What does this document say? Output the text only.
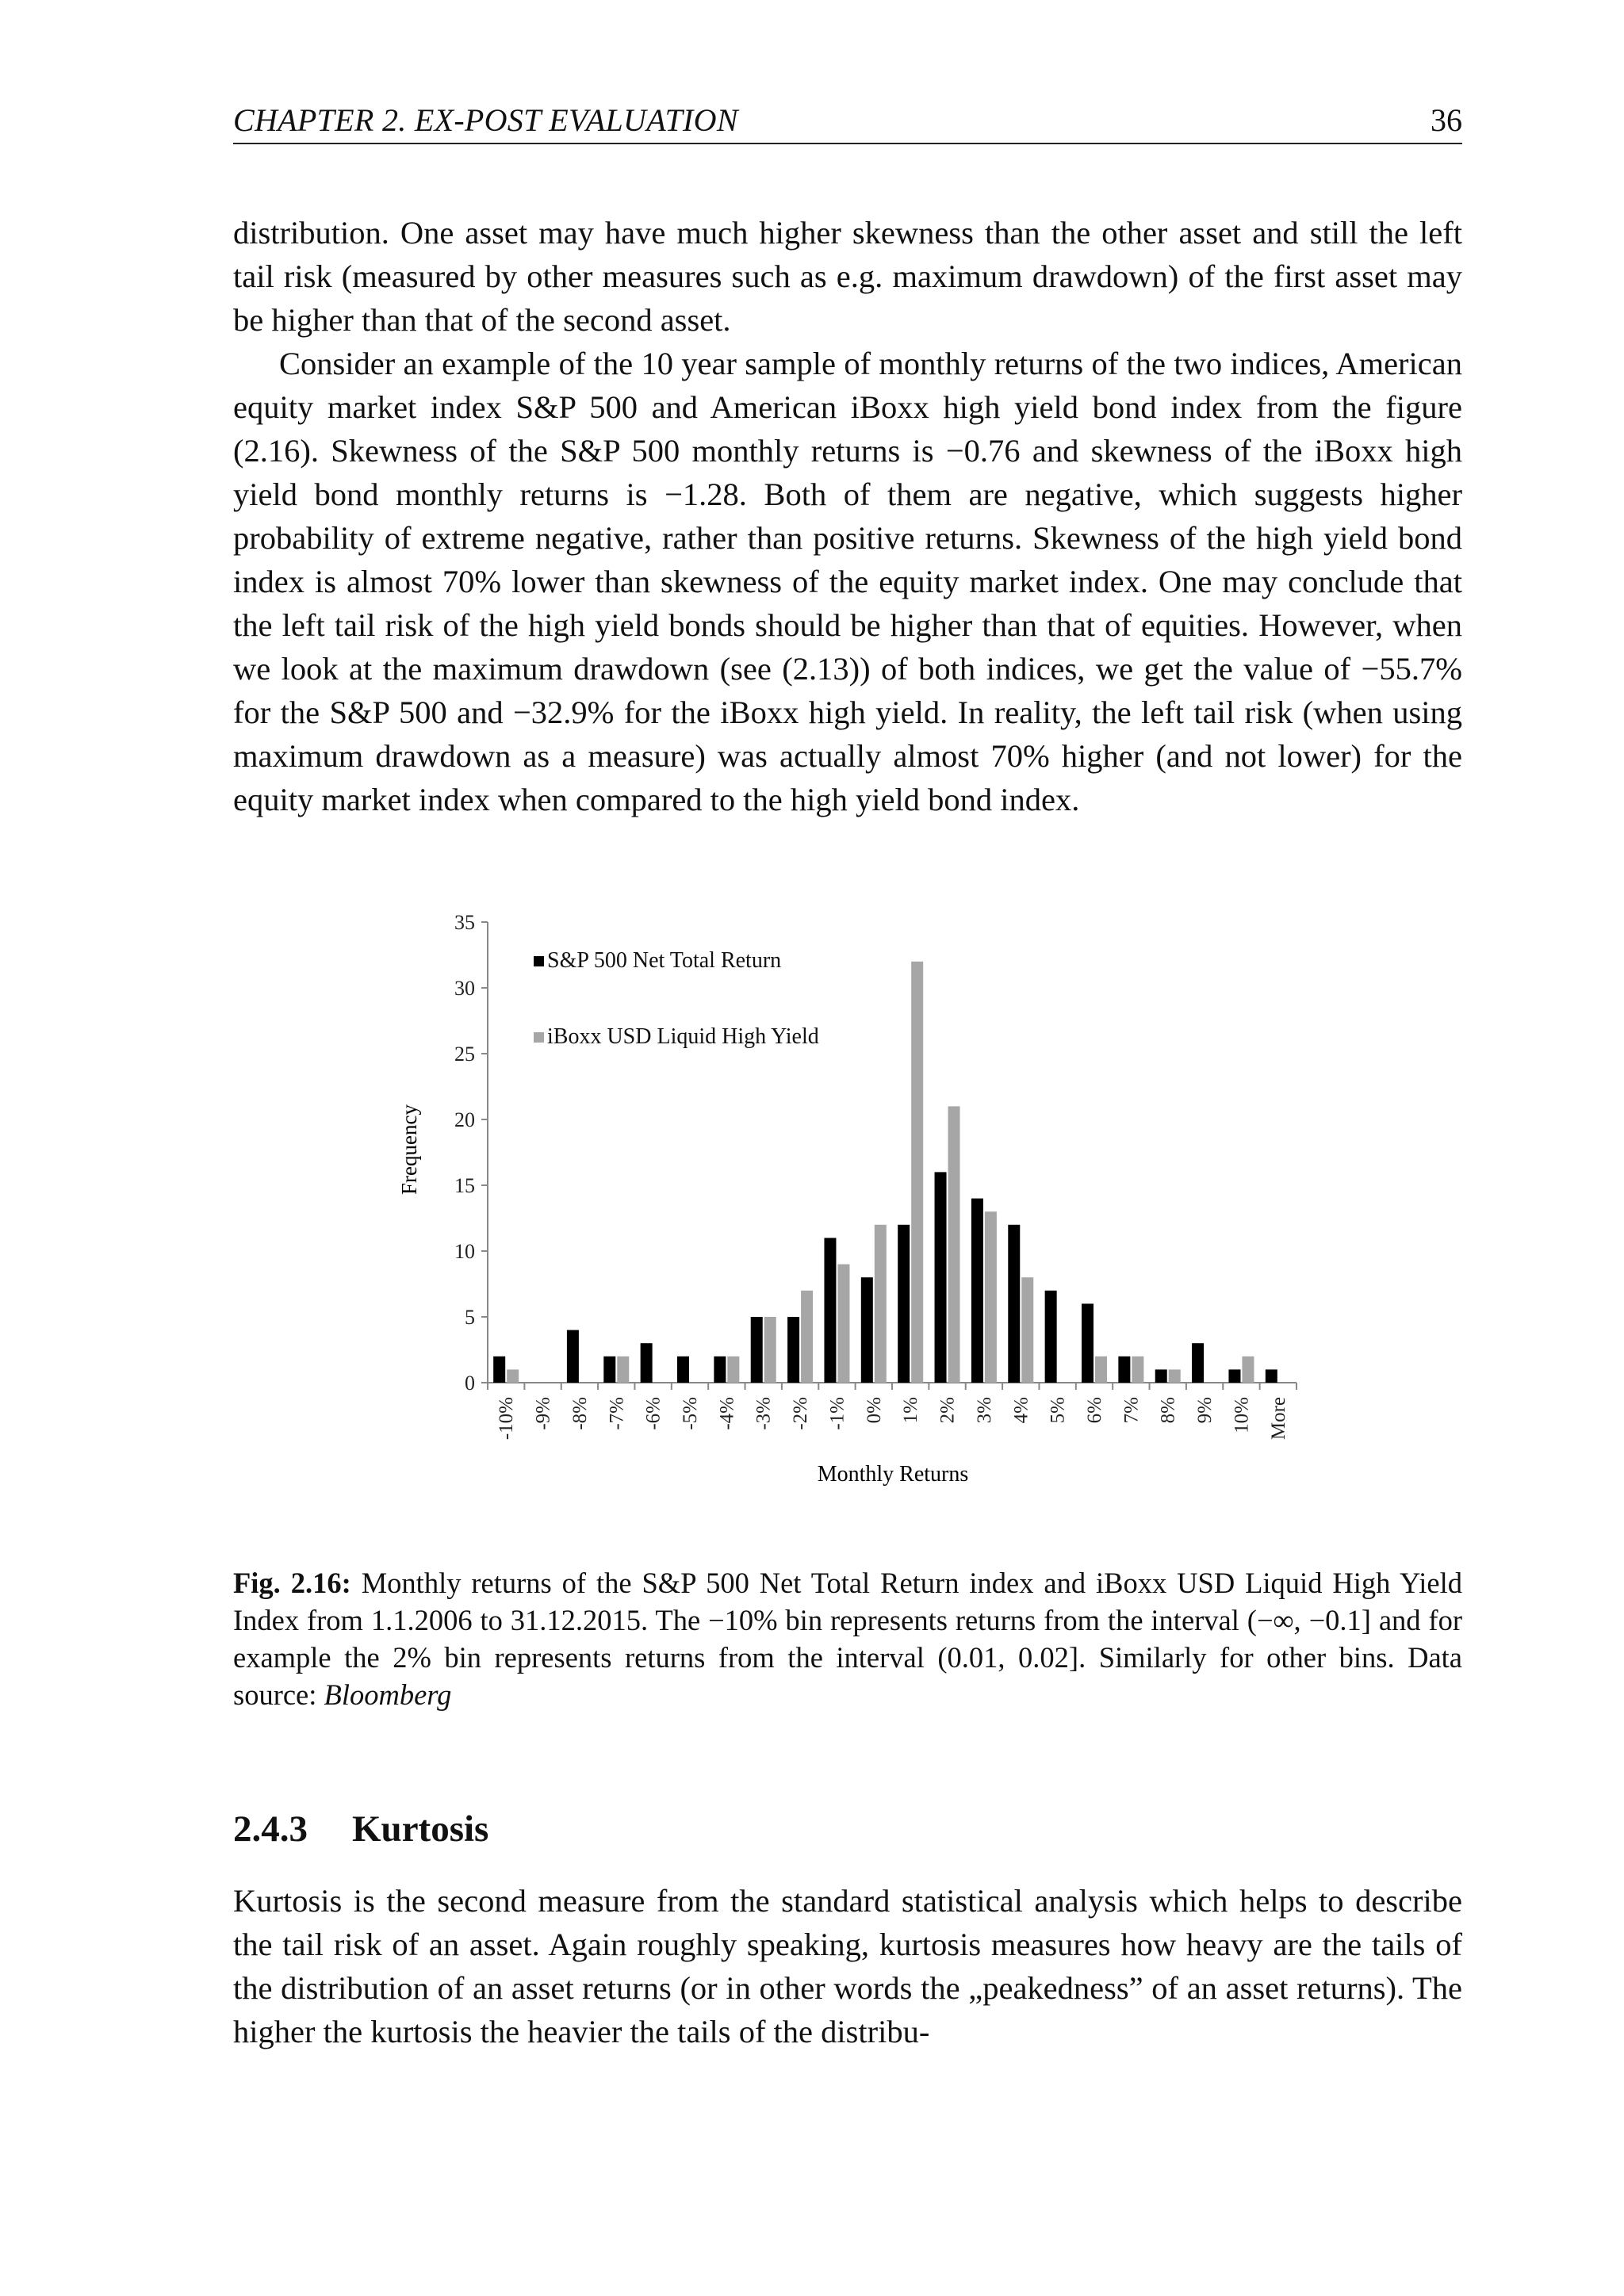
CHAPTER 2. EX-POST EVALUATION	36

distribution. One asset may have much higher skewness than the other asset and still the left tail risk (measured by other measures such as e.g. maximum drawdown) of the first asset may be higher than that of the second asset.

Consider an example of the 10 year sample of monthly returns of the two indices, American equity market index S&P 500 and American iBoxx high yield bond index from the figure (2.16). Skewness of the S&P 500 monthly returns is −0.76 and skewness of the iBoxx high yield bond monthly returns is −1.28. Both of them are negative, which suggests higher probability of extreme negative, rather than positive returns. Skewness of the high yield bond index is almost 70% lower than skewness of the equity market index. One may conclude that the left tail risk of the high yield bonds should be higher than that of equities. However, when we look at the maximum drawdown (see (2.13)) of both indices, we get the value of −55.7% for the S&P 500 and −32.9% for the iBoxx high yield. In reality, the left tail risk (when using maximum drawdown as a measure) was actually almost 70% higher (and not lower) for the equity market index when compared to the high yield bond index.

0
5
10
15
20
25
30
35
-10% -9% -8% -7% -6% -5% -4% -3% -2% -1% 0% 1% 2% 3% 4% 5% 6% 7% 8% 9% 10% More
S&P 500 Net Total Return
iBoxx USD Liquid High Yield
Frequency
Monthly Returns

Fig. 2.16: Monthly returns of the S&P 500 Net Total Return index and iBoxx USD Liquid High Yield Index from 1.1.2006 to 31.12.2015. The −10% bin represents returns from the interval (−∞, −0.1] and for example the 2% bin represents returns from the interval (0.01, 0.02]. Similarly for other bins. Data source: Bloomberg

2.4.3 Kurtosis

Kurtosis is the second measure from the standard statistical analysis which helps to describe the tail risk of an asset. Again roughly speaking, kurtosis measures how heavy are the tails of the distribution of an asset returns (or in other words the „peakedness” of an asset returns). The higher the kurtosis the heavier the tails of the distribu-
